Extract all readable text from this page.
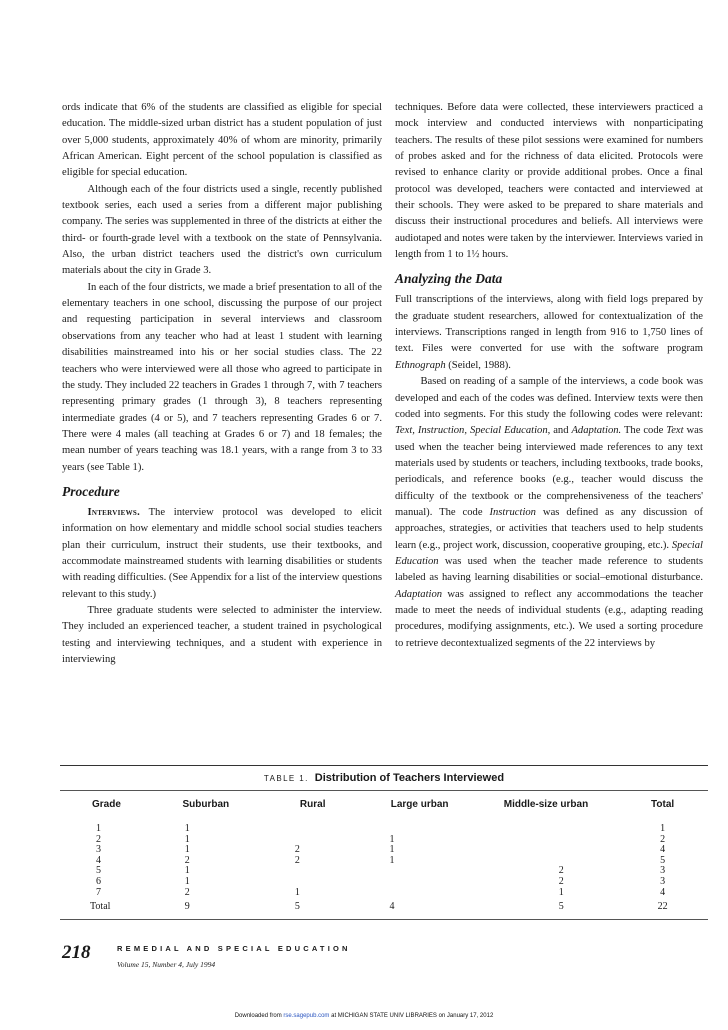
ords indicate that 6% of the students are classified as eligible for special education. The middle-sized urban district has a student population of just over 5,000 students, approximately 40% of whom are minority, primarily African American. Eight percent of the school population is classified as eligible for special education.

Although each of the four districts used a single, recently published textbook series, each used a series from a different major publishing company. The series was supplemented in three of the districts at either the third- or fourth-grade level with a textbook on the state of Pennsylvania. Also, the urban district teachers used the district's own curriculum materials about the city in Grade 3.

In each of the four districts, we made a brief presentation to all of the elementary teachers in one school, discussing the purpose of our project and requesting participation in several interviews and classroom observations from any teacher who had at least 1 student with learning disabilities mainstreamed into his or her social studies class. The 22 teachers who were interviewed were all those who agreed to participate in the study. They included 22 teachers in Grades 1 through 7, with 7 teachers representing primary grades (1 through 3), 8 teachers representing intermediate grades (4 or 5), and 7 teachers representing Grades 6 or 7. There were 4 males (all teaching at Grades 6 or 7) and 18 females; the mean number of years teaching was 18.1 years, with a range from 3 to 33 years (see Table 1).

Procedure

Interviews. The interview protocol was developed to elicit information on how elementary and middle school social studies teachers plan their curriculum, instruct their students, use their textbooks, and accommodate mainstreamed students with learning disabilities or students with reading difficulties. (See Appendix for a list of the interview questions relevant to this study.)

Three graduate students were selected to administer the interview. They included an experienced teacher, a student trained in psychological testing and interviewing techniques, and a student with experience in interviewing

techniques. Before data were collected, these interviewers practiced a mock interview and conducted interviews with nonparticipating teachers. The results of these pilot sessions were examined for numbers of probes asked and for the richness of data elicited. Protocols were revised to enhance clarity or provide additional probes. Once a final protocol was developed, teachers were contacted and interviewed at their schools. They were asked to be prepared to share materials and discuss their instructional procedures and beliefs. All interviews were audiotaped and notes were taken by the interviewer. Interviews varied in length from 1 to 1½ hours.

Analyzing the Data

Full transcriptions of the interviews, along with field logs prepared by the graduate student researchers, allowed for contextualization of the interviews. Transcriptions ranged in length from 916 to 1,750 lines of text. Files were converted for use with the software program Ethnograph (Seidel, 1988).

Based on reading of a sample of the interviews, a code book was developed and each of the codes was defined. Interview texts were then coded into segments. For this study the following codes were relevant: Text, Instruction, Special Education, and Adaptation. The code Text was used when the teacher being interviewed made references to any text materials used by students or teachers, including textbooks, trade books, periodicals, and reference books (e.g., teacher would discuss the difficulty of the textbook or the comprehensiveness of the teachers' manual). The code Instruction was defined as any discussion of approaches, strategies, or activities that teachers used to help students learn (e.g., project work, discussion, cooperative grouping, etc.). Special Education was used when the teacher made reference to students labeled as having learning disabilities or social–emotional disturbance. Adaptation was assigned to reflect any accommodations the teacher made to meet the needs of individual students (e.g., adapting reading procedures, modifying assignments, etc.). We used a sorting procedure to retrieve decontextualized segments of the 22 interviews by

TABLE 1. Distribution of Teachers Interviewed
Grade	Suburban	Rural	Large urban	Middle-size urban	Total
1	1				1
2	1		1		2
3	1	2	1		4
4	2	2	1		5
5	1			2	3
6	1			2	3
7	2	1		1	4
Total	9	5	4	5	22
218	REMEDIAL AND SPECIAL EDUCATION
Volume 15, Number 4, July 1994
Downloaded from rse.sagepub.com at MICHIGAN STATE UNIV LIBRARIES on January 17, 2012
